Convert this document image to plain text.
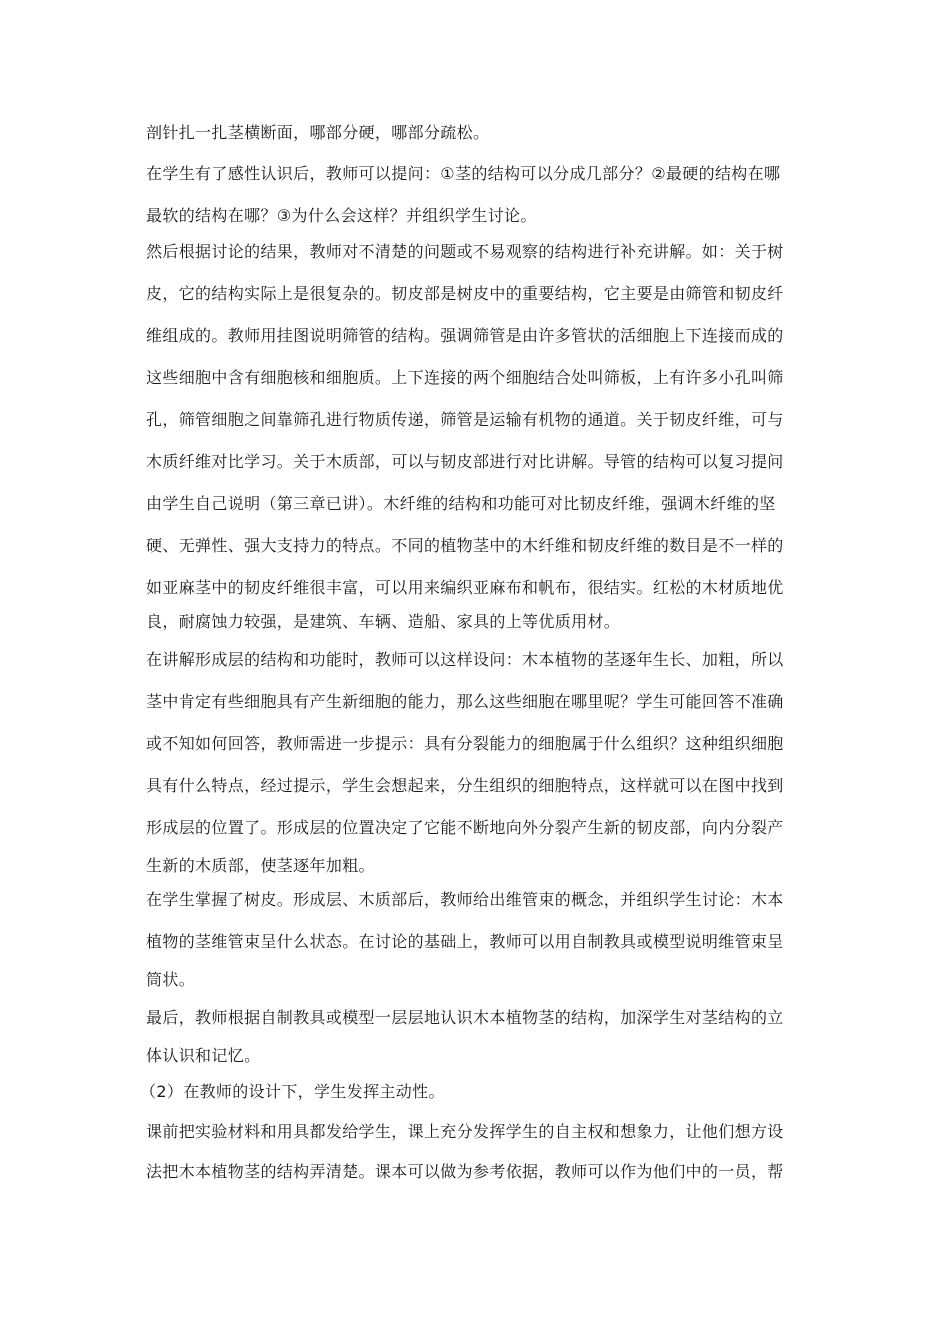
剖针扎一扎茎横断面，哪部分硬，哪部分疏松。
在学生有了感性认识后，教师可以提问：①茎的结构可以分成几部分？②最硬的结构在哪
最软的结构在哪？③为什么会这样？并组织学生讨论。
然后根据讨论的结果，教师对不清楚的问题或不易观察的结构进行补充讲解。如：关于树
皮，它的结构实际上是很复杂的。韧皮部是树皮中的重要结构，它主要是由筛管和韧皮纤
维组成的。教师用挂图说明筛管的结构。强调筛管是由许多管状的活细胞上下连接而成的
这些细胞中含有细胞核和细胞质。上下连接的两个细胞结合处叫筛板，上有许多小孔叫筛
孔，筛管细胞之间靠筛孔进行物质传递，筛管是运输有机物的通道。关于韧皮纤维，可与
木质纤维对比学习。关于木质部，可以与韧皮部进行对比讲解。导管的结构可以复习提问
由学生自己说明（第三章已讲）。木纤维的结构和功能可对比韧皮纤维，强调木纤维的坚
硬、无弹性、强大支持力的特点。不同的植物茎中的木纤维和韧皮纤维的数目是不一样的
如亚麻茎中的韧皮纤维很丰富，可以用来编织亚麻布和帆布，很结实。红松的木材质地优
良，耐腐蚀力较强，是建筑、车辆、造船、家具的上等优质用材。
在讲解形成层的结构和功能时，教师可以这样设问：木本植物的茎逐年生长、加粗，所以
茎中肯定有些细胞具有产生新细胞的能力，那么这些细胞在哪里呢？学生可能回答不准确
或不知如何回答，教师需进一步提示：具有分裂能力的细胞属于什么组织？这种组织细胞
具有什么特点，经过提示，学生会想起来，分生组织的细胞特点，这样就可以在图中找到
形成层的位置了。形成层的位置决定了它能不断地向外分裂产生新的韧皮部，向内分裂产
生新的木质部，使茎逐年加粗。
在学生掌握了树皮。形成层、木质部后，教师给出维管束的概念，并组织学生讨论：木本
植物的茎维管束呈什么状态。在讨论的基础上，教师可以用自制教具或模型说明维管束呈
筒状。
最后，教师根据自制教具或模型一层层地认识木本植物茎的结构，加深学生对茎结构的立
体认识和记忆。
（2）在教师的设计下，学生发挥主动性。
课前把实验材料和用具都发给学生，课上充分发挥学生的自主权和想象力，让他们想方设
法把木本植物茎的结构弄清楚。课本可以做为参考依据，教师可以作为他们中的一员，帮
